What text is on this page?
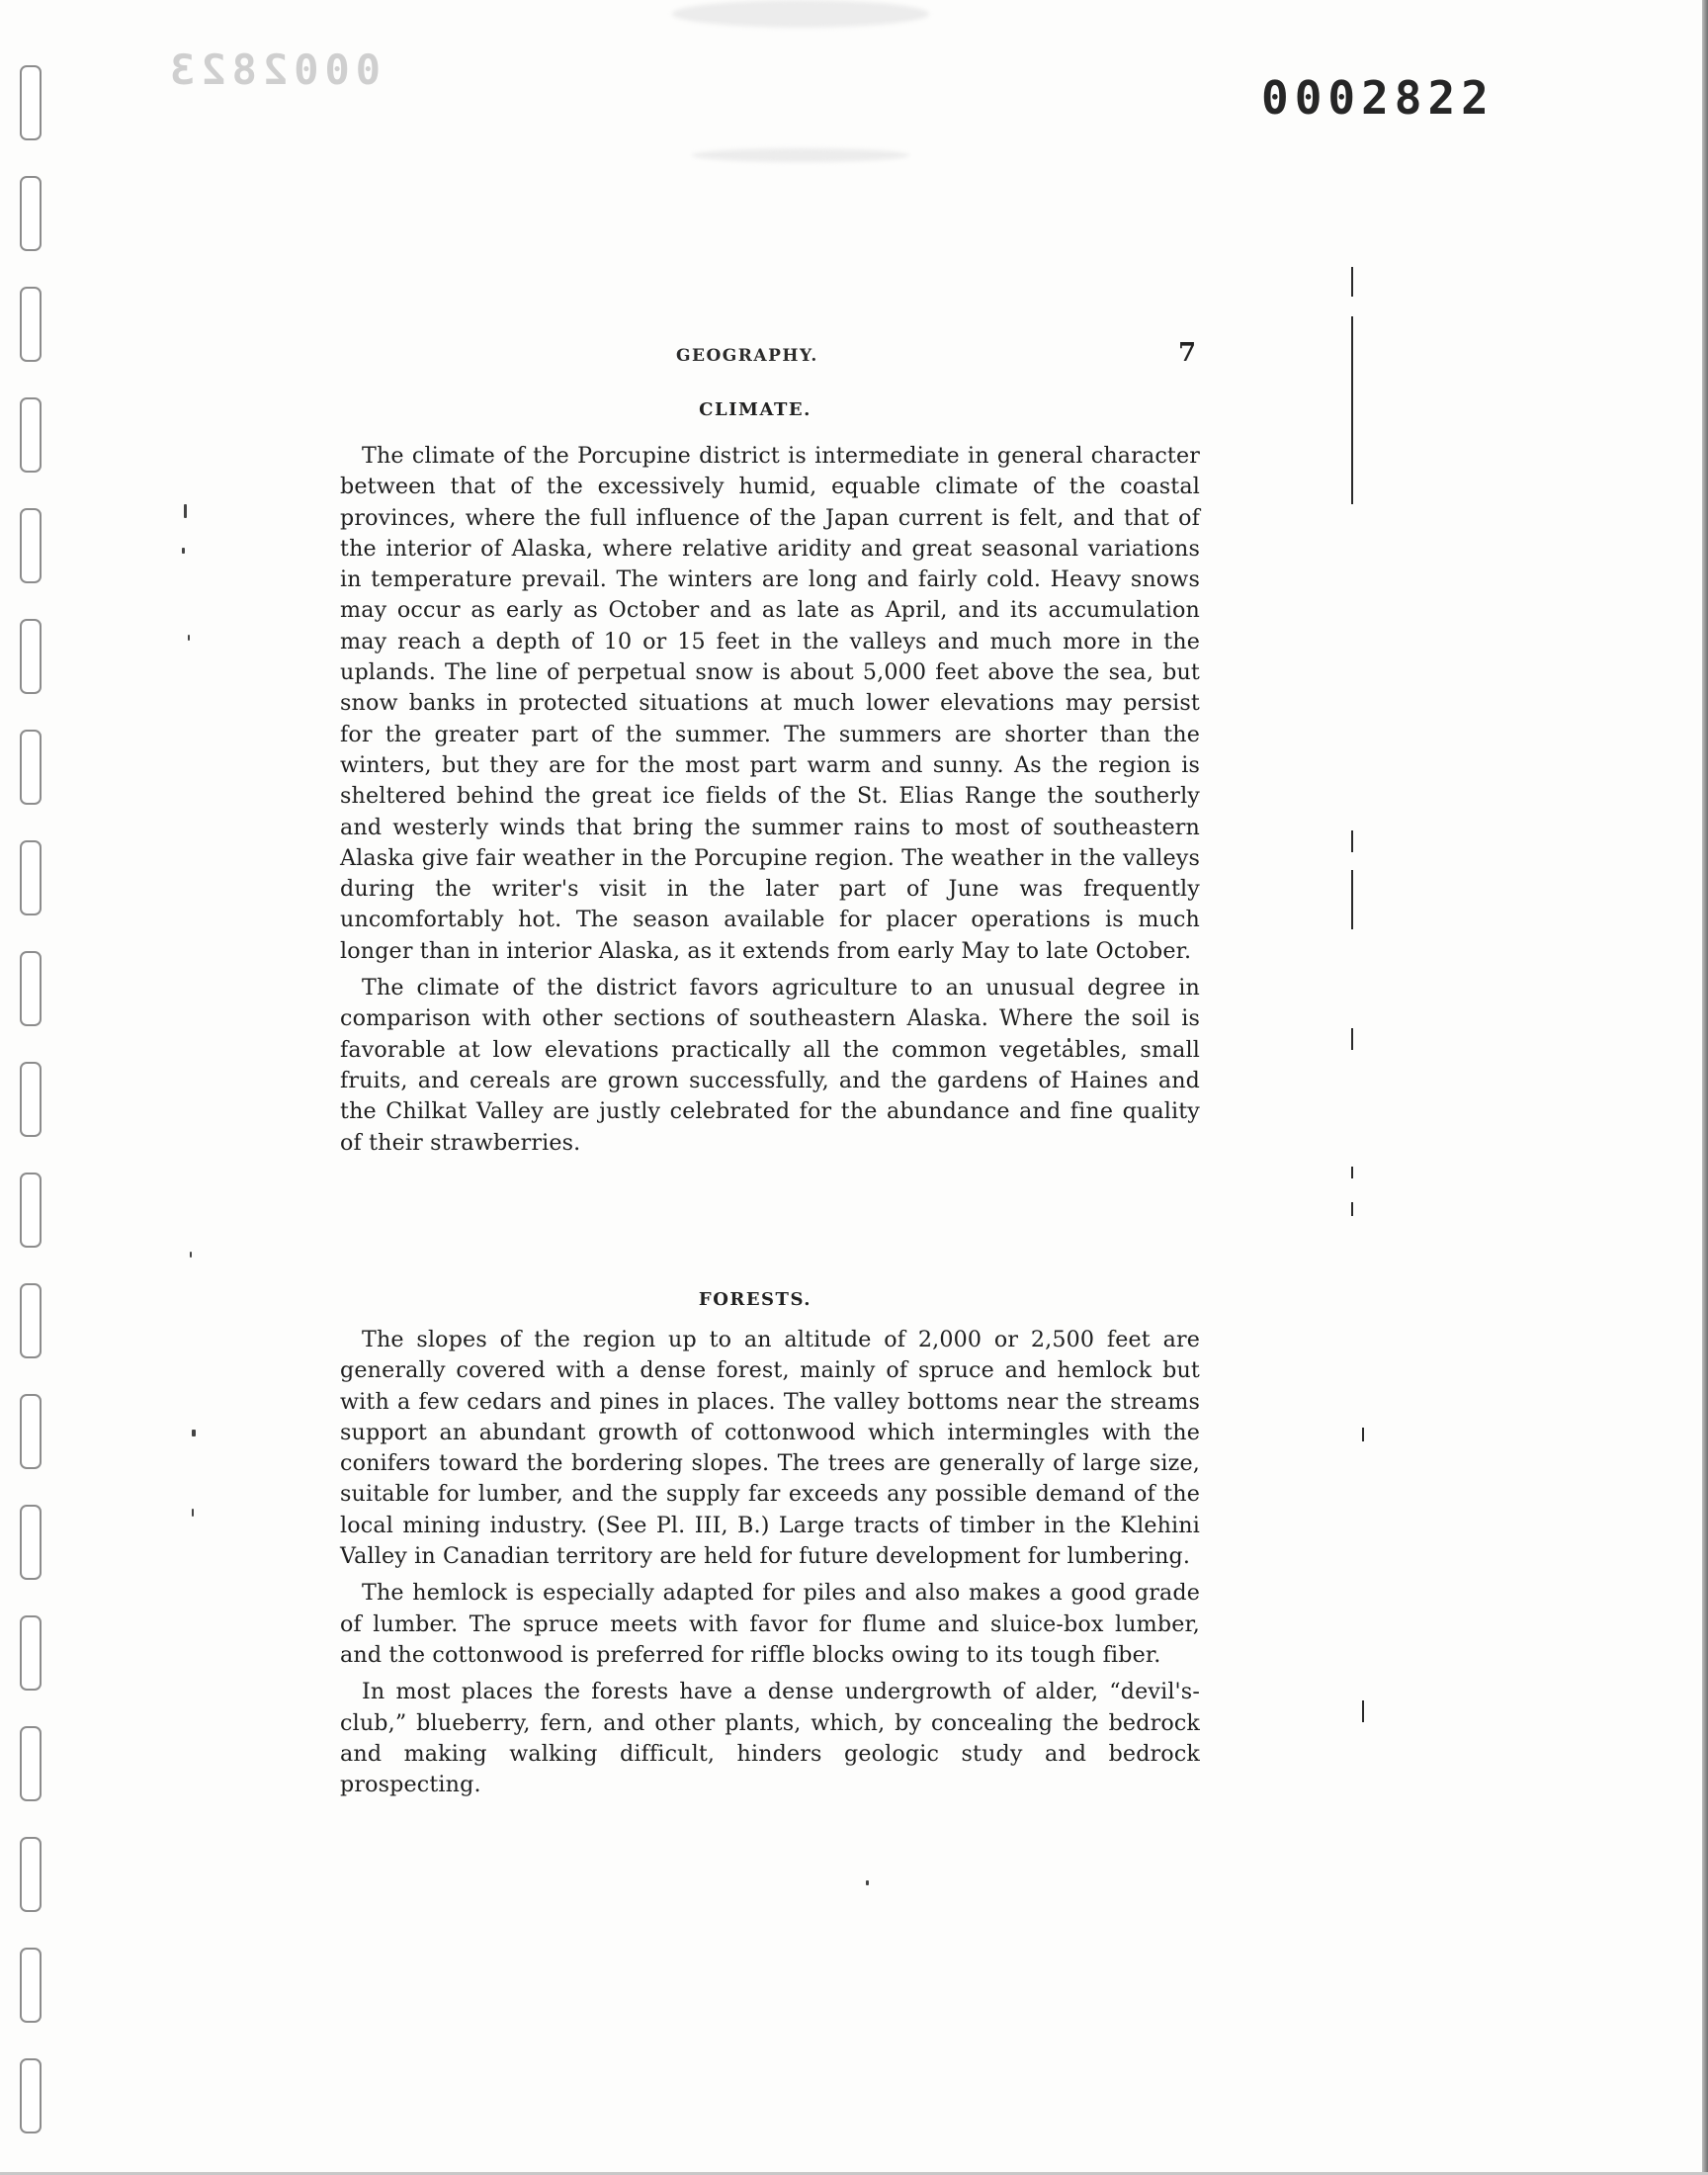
0002823
0002822
GEOGRAPHY.	7
CLIMATE.

The climate of the Porcupine district is intermediate in general character between that of the excessively humid, equable climate of the coastal provinces, where the full influence of the Japan current is felt, and that of the interior of Alaska, where relative aridity and great seasonal variations in temperature prevail. The winters are long and fairly cold. Heavy snows may occur as early as October and as late as April, and its accumulation may reach a depth of 10 or 15 feet in the valleys and much more in the uplands. The line of perpetual snow is about 5,000 feet above the sea, but snow banks in protected situations at much lower elevations may persist for the greater part of the summer. The summers are shorter than the winters, but they are for the most part warm and sunny. As the region is sheltered behind the great ice fields of the St. Elias Range the southerly and westerly winds that bring the summer rains to most of southeastern Alaska give fair weather in the Porcupine region. The weather in the valleys during the writer's visit in the later part of June was frequently uncomfortably hot. The season available for placer operations is much longer than in interior Alaska, as it extends from early May to late October.

The climate of the district favors agriculture to an unusual degree in comparison with other sections of southeastern Alaska. Where the soil is favorable at low elevations practically all the common vegetables, small fruits, and cereals are grown successfully, and the gardens of Haines and the Chilkat Valley are justly celebrated for the abundance and fine quality of their strawberries.

FORESTS.

The slopes of the region up to an altitude of 2,000 or 2,500 feet are generally covered with a dense forest, mainly of spruce and hemlock but with a few cedars and pines in places. The valley bottoms near the streams support an abundant growth of cottonwood which intermingles with the conifers toward the bordering slopes. The trees are generally of large size, suitable for lumber, and the supply far exceeds any possible demand of the local mining industry. (See Pl. III, B.) Large tracts of timber in the Klehini Valley in Canadian territory are held for future development for lumbering.

The hemlock is especially adapted for piles and also makes a good grade of lumber. The spruce meets with favor for flume and sluice-box lumber, and the cottonwood is preferred for riffle blocks owing to its tough fiber.

In most places the forests have a dense undergrowth of alder, “devil's-club,” blueberry, fern, and other plants, which, by concealing the bedrock and making walking difficult, hinders geologic study and bedrock prospecting.
